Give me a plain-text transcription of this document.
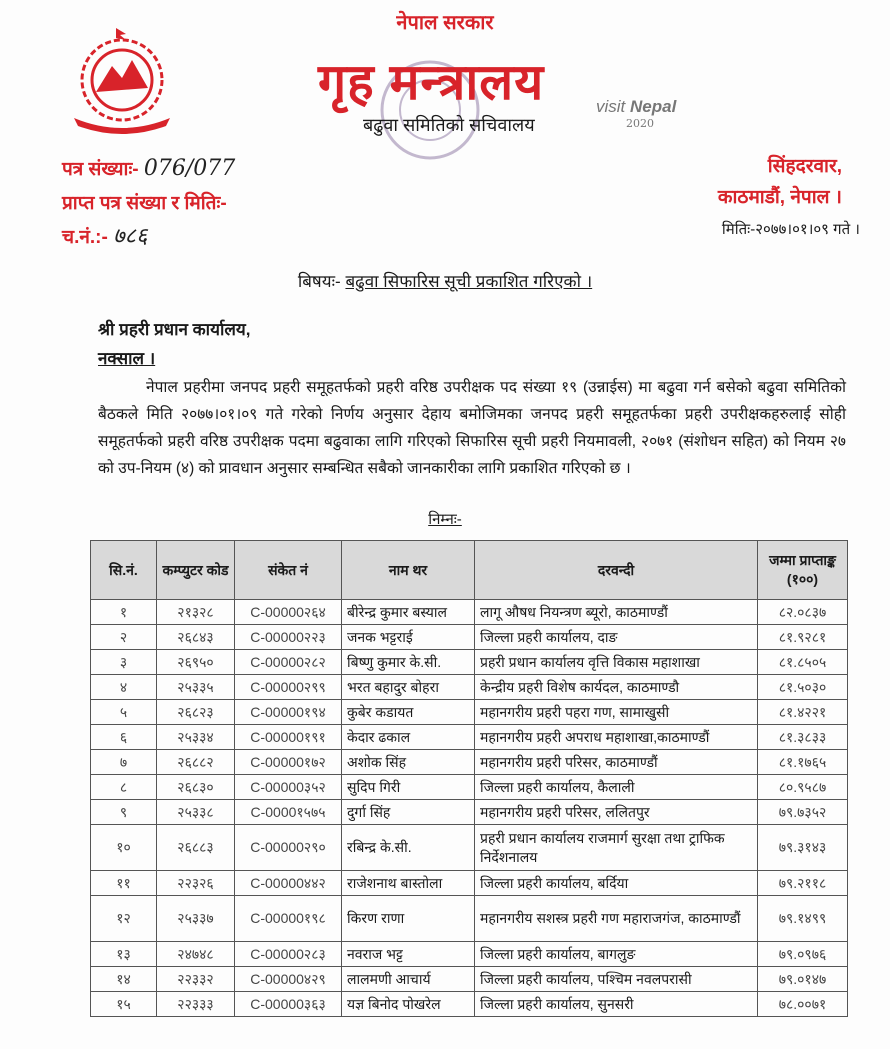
visit Nepal
2020
नेपाल सरकार
गृह मन्त्रालय
बढुवा समितिको सचिवालय
पत्र संख्याः- 076/077
प्राप्त पत्र संख्या र मितिः-
च.नं.:- ७८६
सिंहदरवार,
काठमाडौं, नेपाल ।
मितिः-२०७७।०१।०९ गते ।
बिषयः- बढुवा सिफारिस सूची प्रकाशित गरिएको ।
श्री प्रहरी प्रधान कार्यालय,
नक्साल ।
नेपाल प्रहरीमा जनपद प्रहरी समूहतर्फको प्रहरी वरिष्ठ उपरीक्षक पद संख्या १९ (उन्नाईस) मा बढुवा गर्न बसेको बढुवा समितिको बैठकले मिति २०७७।०१।०९ गते गरेको निर्णय अनुसार देहाय बमोजिमका जनपद प्रहरी समूहतर्फका प्रहरी उपरीक्षकहरुलाई सोही समूहतर्फको प्रहरी वरिष्ठ उपरीक्षक पदमा बढुवाका लागि गरिएको सिफारिस सूची प्रहरी नियमावली, २०७१ (संशोधन सहित) को नियम २७ को उप-नियम (४) को प्रावधान अनुसार सम्बन्धित सबैको जानकारीका लागि प्रकाशित गरिएको छ ।
निम्नः-
सि.नं.	कम्प्युटर कोड	संकेत नं	नाम थर	दरवन्दी	जम्मा प्राप्ताङ्क (१००)
१	२१३२८	C-00000२६४	बीरेन्द्र कुमार बस्याल	लागू औषध नियन्त्रण ब्यूरो, काठमाण्डौं	८२.०८३७
२	२६८४३	C-00000२२३	जनक भट्टराई	जिल्ला प्रहरी कार्यालय, दाङ	८१.९२८१
३	२६९५०	C-00000२८२	बिष्णु कुमार के.सी.	प्रहरी प्रधान कार्यालय वृत्ति विकास महाशाखा	८१.८५०५
४	२५३३५	C-00000२९९	भरत बहादुर बोहरा	केन्द्रीय प्रहरी विशेष कार्यदल, काठमाण्डौ	८१.५०३०
५	२६८२३	C-00000१९४	कुबेर कडायत	महानगरीय प्रहरी पहरा गण, सामाखुसी	८१.४२२१
६	२५३३४	C-00000१९१	केदार ढकाल	महानगरीय प्रहरी अपराध महाशाखा,काठमाण्डौं	८१.३८३३
७	२६८८२	C-00000१७२	अशोक सिंह	महानगरीय प्रहरी परिसर, काठमाण्डौं	८१.१७६५
८	२६८३०	C-00000३५२	सुदिप गिरी	जिल्ला प्रहरी कार्यालय, कैलाली	८०.९५८७
९	२५३३८	C-0000१५७५	दुर्गा सिंह	महानगरीय प्रहरी परिसर, ललितपुर	७९.७३५२
१०	२६८८३	C-00000२९०	रबिन्द्र के.सी.	प्रहरी प्रधान कार्यालय राजमार्ग सुरक्षा तथा ट्राफिक निर्देशनालय	७९.३१४३
११	२२३२६	C-00000४४२	राजेशनाथ बास्तोला	जिल्ला प्रहरी कार्यालय, बर्दिया	७९.२११८
१२	२५३३७	C-00000१९८	किरण राणा	महानगरीय सशस्त्र प्रहरी गण महाराजगंज, काठमाण्डौं	७९.१४९९
१३	२४७४८	C-00000२८३	नवराज भट्ट	जिल्ला प्रहरी कार्यालय, बागलुङ	७९.०९७६
१४	२२३३२	C-00000४२९	लालमणी आचार्य	जिल्ला प्रहरी कार्यालय, पश्चिम नवलपरासी	७९.०१४७
१५	२२३३३	C-00000३६३	यज्ञ बिनोद पोखरेल	जिल्ला प्रहरी कार्यालय, सुनसरी	७८.००७१
